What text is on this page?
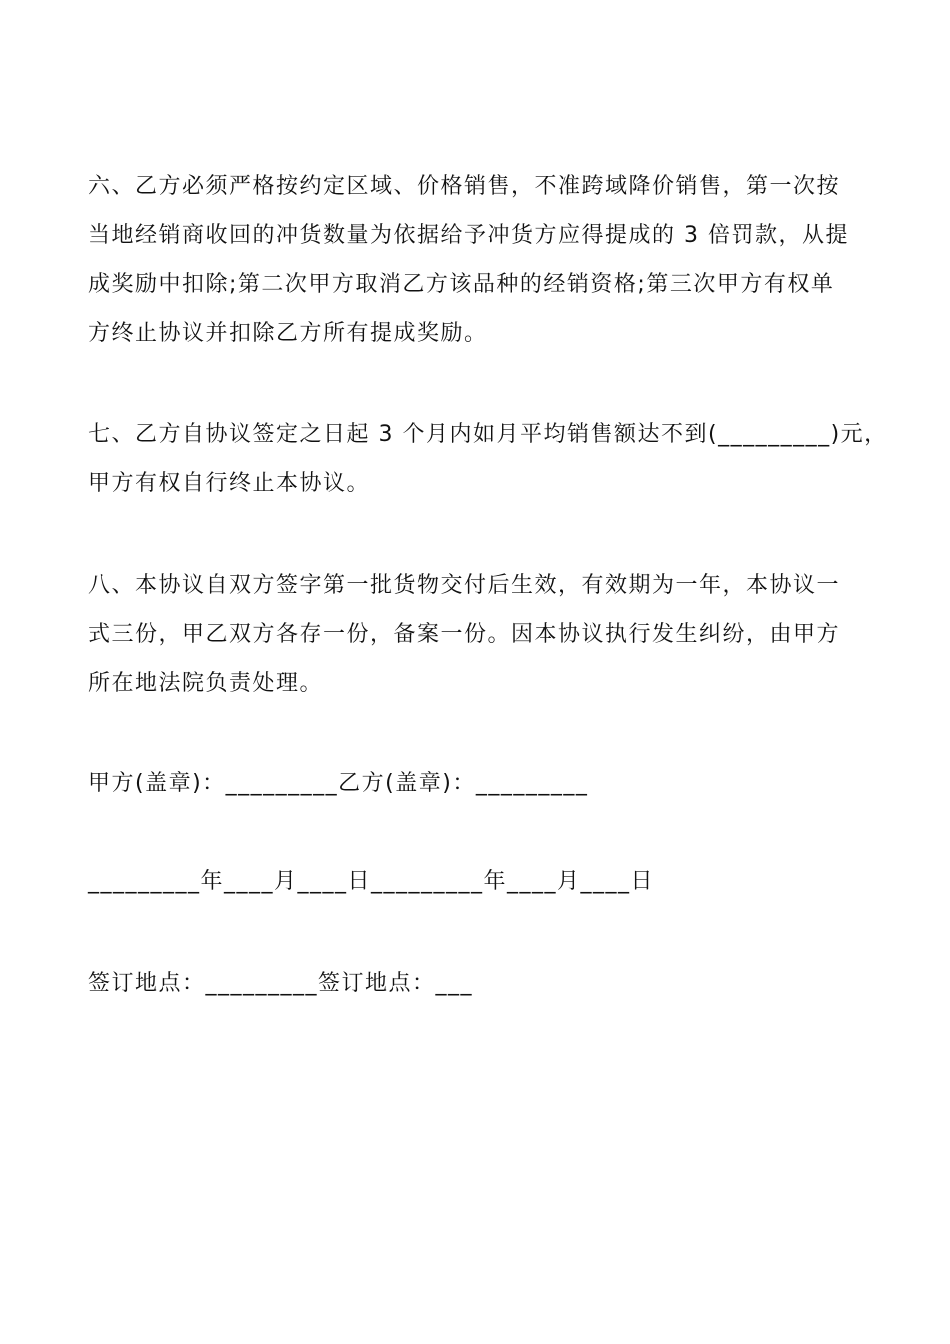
六、乙方必须严格按约定区域、价格销售，不准跨域降价销售，第一次按
当地经销商收回的冲货数量为依据给予冲货方应得提成的 3 倍罚款，从提
成奖励中扣除;第二次甲方取消乙方该品种的经销资格;第三次甲方有权单
方终止协议并扣除乙方所有提成奖励。
七、乙方自协议签定之日起 3 个月内如月平均销售额达不到(_________)元，
甲方有权自行终止本协议。
八、本协议自双方签字第一批货物交付后生效，有效期为一年，本协议一
式三份，甲乙双方各存一份，备案一份。因本协议执行发生纠纷，由甲方
所在地法院负责处理。
甲方(盖章)：_________乙方(盖章)：_________
_________年____月____日_________年____月____日
签订地点：_________签订地点：___
